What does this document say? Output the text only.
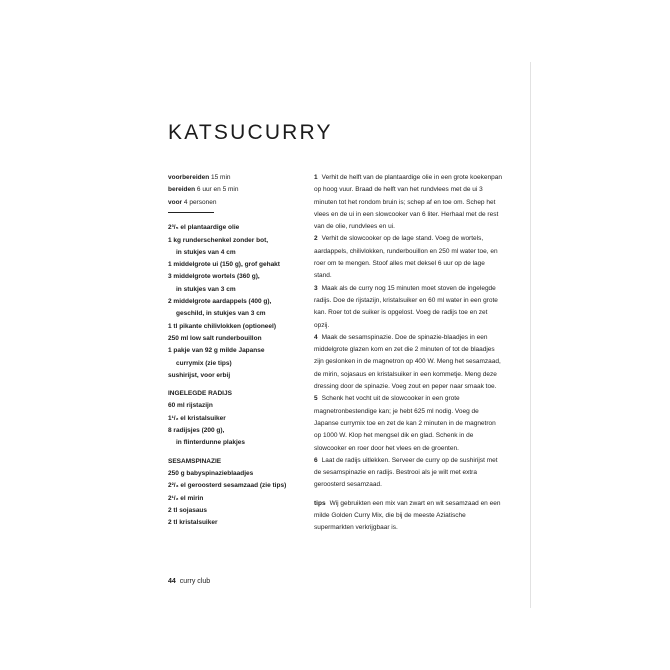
KATSUCURRY
voorbereiden 15 min
bereiden 6 uur en 5 min
voor 4 personen
2³/₅ el plantaardige olie
1 kg runderschenkel zonder bot,
in stukjes van 4 cm
1 middelgrote ui (150 g), grof gehakt
3 middelgrote wortels (360 g),
in stukjes van 3 cm
2 middelgrote aardappels (400 g),
geschild, in stukjes van 3 cm
1 tl pikante chilivlokken (optioneel)
250 ml low salt runderbouillon
1 pakje van 92 g milde Japanse
currymix (zie tips)
sushirijst, voor erbij
INGELEGDE RADIJS
60 ml rijstazijn
1¹/₂ el kristalsuiker
8 radijsjes (200 g),
in flinterdunne plakjes
SESAMSPINAZIE
250 g babyspinazieblaadjes
2²/₃ el geroosterd sesamzaad (zie tips)
2¹/₂ el mirin
2 tl sojasaus
2 tl kristalsuiker

1 Verhit de helft van de plantaardige olie in een grote koekenpan op hoog vuur. Braad de helft van het rundvlees met de ui 3 minuten tot het rondom bruin is; schep af en toe om. Schep het vlees en de ui in een slowcooker van 6 liter. Herhaal met de rest van de olie, rundvlees en ui.

2 Verhit de slowcooker op de lage stand. Voeg de wortels, aardappels, chilivlokken, runderbouillon en 250 ml water toe, en roer om te mengen. Stoof alles met deksel 6 uur op de lage stand.

3 Maak als de curry nog 15 minuten moet stoven de ingelegde radijs. Doe de rijstazijn, kristalsuiker en 60 ml water in een grote kan. Roer tot de suiker is opgelost. Voeg de radijs toe en zet opzij.

4 Maak de sesamspinazie. Doe de spinazie-blaadjes in een middelgrote glazen kom en zet die 2 minuten of tot de blaadjes zijn geslonken in de magnetron op 400 W. Meng het sesamzaad, de mirin, sojasaus en kristalsuiker in een kommetje. Meng deze dressing door de spinazie. Voeg zout en peper naar smaak toe.

5 Schenk het vocht uit de slowcooker in een grote magnetronbestendige kan; je hebt 625 ml nodig. Voeg de Japanse currymix toe en zet de kan 2 minuten in de magnetron op 1000 W. Klop het mengsel dik en glad. Schenk in de slowcooker en roer door het vlees en de groenten.

6 Laat de radijs uitlekken. Serveer de curry op de sushirijst met de sesamspinazie en radijs. Bestrooi als je wilt met extra geroosterd sesamzaad.

tips Wij gebruikten een mix van zwart en wit sesamzaad en een milde Golden Curry Mix, die bij de meeste Aziatische supermarkten verkrijgbaar is.

44 curry club
